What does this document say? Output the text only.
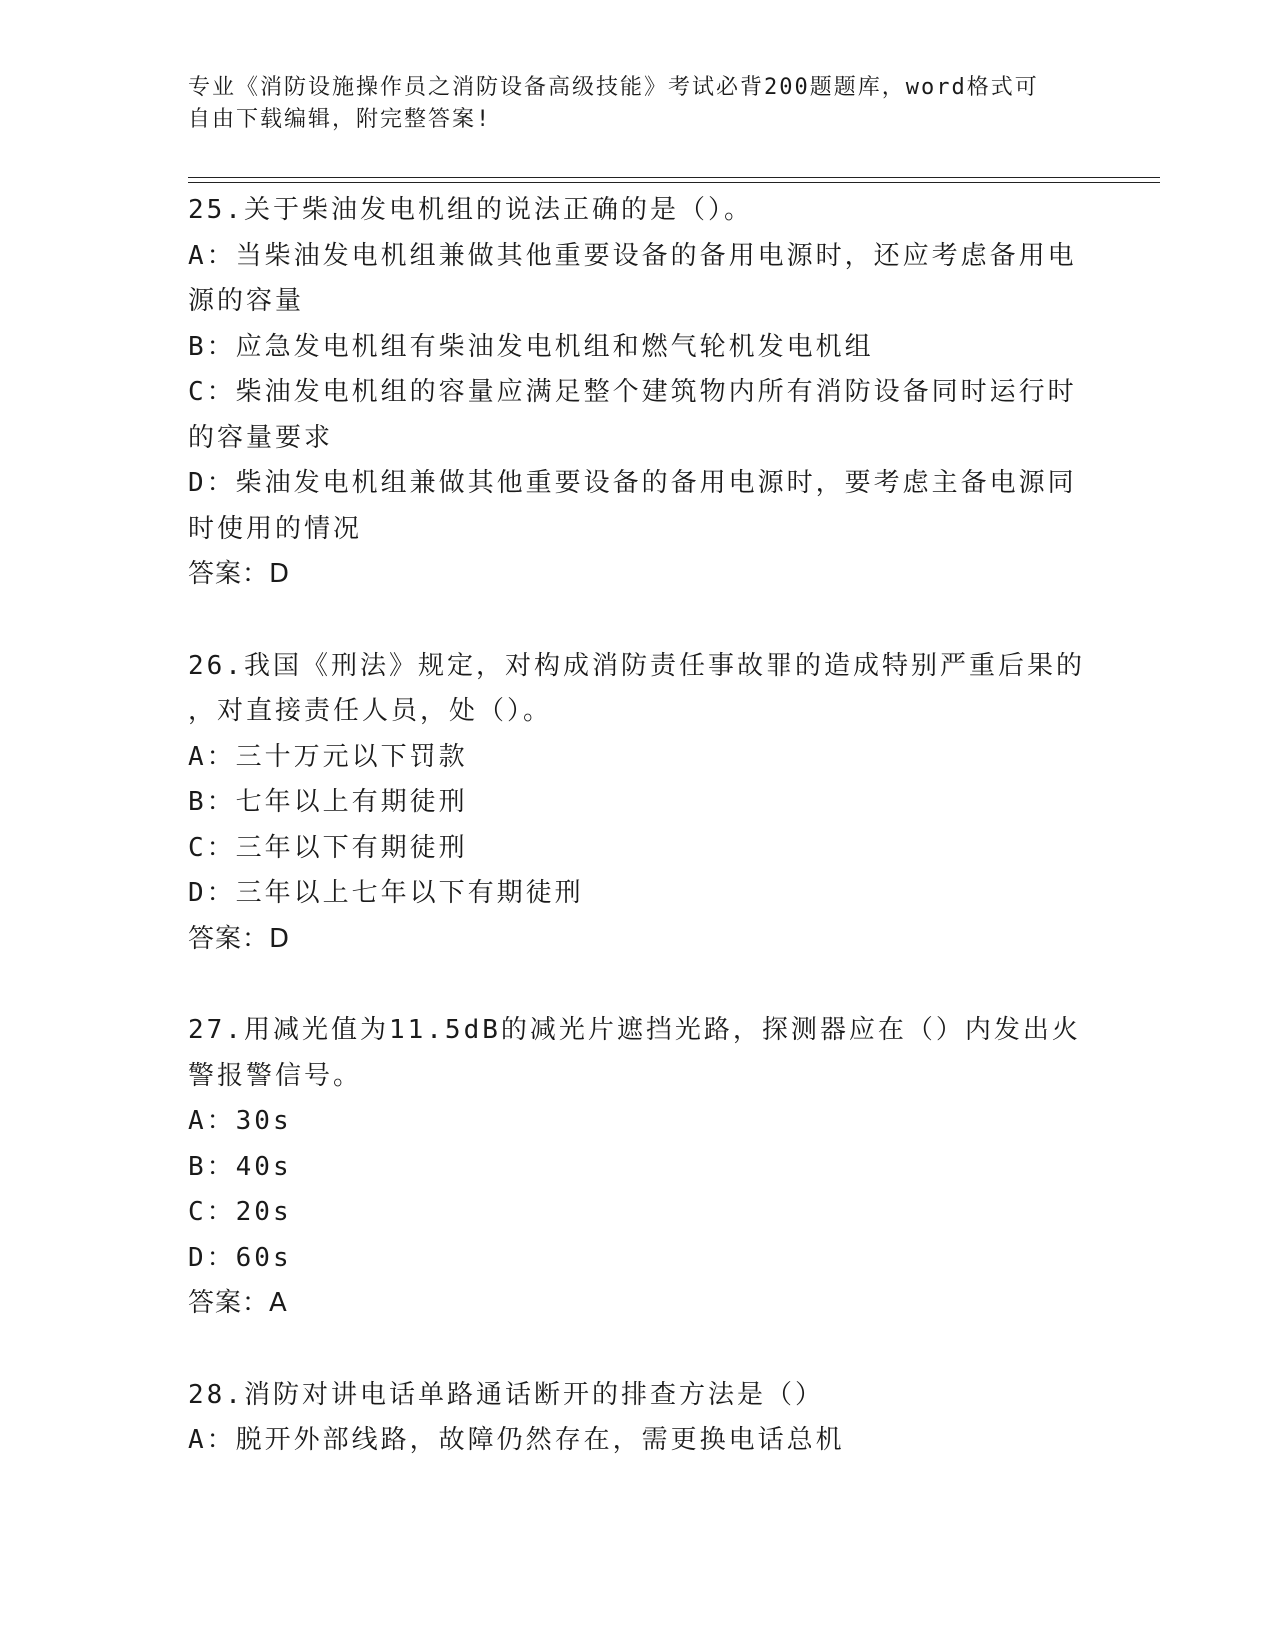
专业《消防设施操作员之消防设备高级技能》考试必背200题题库，word格式可
自由下载编辑，附完整答案!
25.关于柴油发电机组的说法正确的是（）。
A：当柴油发电机组兼做其他重要设备的备用电源时，还应考虑备用电
源的容量
B：应急发电机组有柴油发电机组和燃气轮机发电机组
C：柴油发电机组的容量应满足整个建筑物内所有消防设备同时运行时
的容量要求
D：柴油发电机组兼做其他重要设备的备用电源时，要考虑主备电源同
时使用的情况
答案：D
26.我国《刑法》规定，对构成消防责任事故罪的造成特别严重后果的
，对直接责任人员，处（）。
A：三十万元以下罚款
B：七年以上有期徒刑
C：三年以下有期徒刑
D：三年以上七年以下有期徒刑
答案：D
27.用减光值为11.5dB的减光片遮挡光路，探测器应在（）内发出火
警报警信号。
A：30s
B：40s
C：20s
D：60s
答案：A
28.消防对讲电话单路通话断开的排查方法是（）
A：脱开外部线路，故障仍然存在，需更换电话总机
